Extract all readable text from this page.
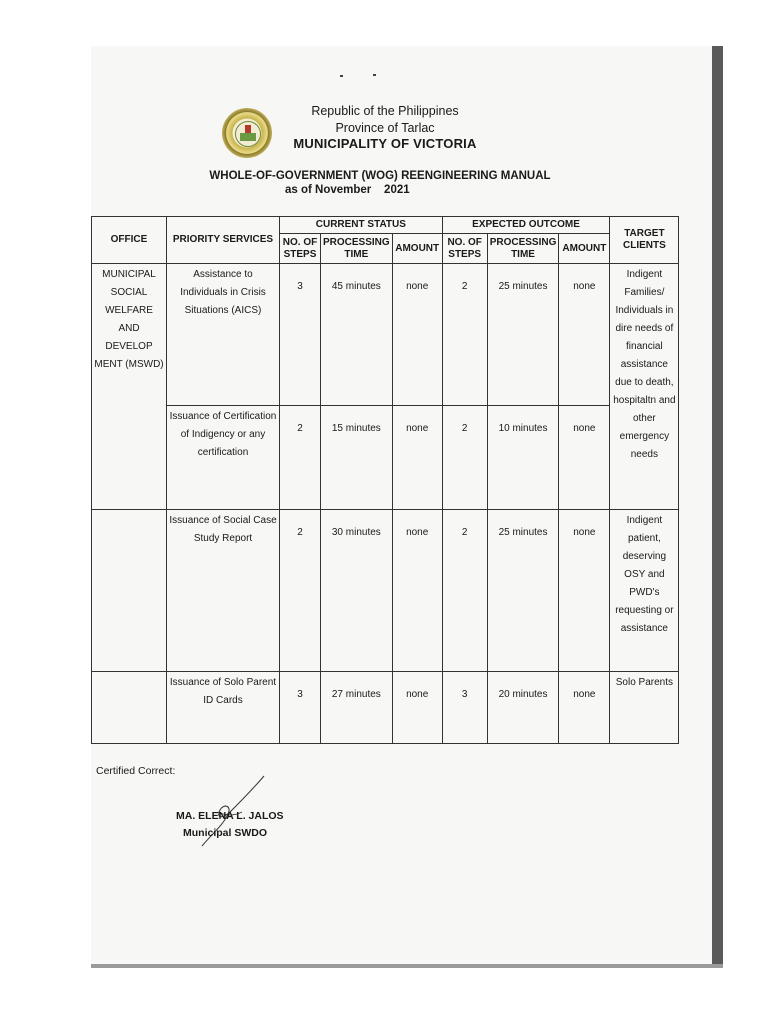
Republic of the Philippines
Province of Tarlac
MUNICIPALITY OF VICTORIA
WHOLE-OF-GOVERNMENT (WOG) REENGINEERING MANUAL
as of November    2021
OFFICE	PRIORITY SERVICES	CURRENT STATUS			EXPECTED OUTCOME			TARGET CLIENTS
		NO. OF STEPS	PROCESSING TIME	AMOUNT	NO. OF STEPS	PROCESSING TIME	AMOUNT	
MUNICIPAL SOCIAL WELFARE AND DEVELOP MENT (MSWD)	Assistance to Individuals in Crisis Situations (AICS)	3	45 minutes	none	2	25 minutes	none	Indigent Families/ Individuals in dire needs of financial assistance due to death, hospitaltn and other emergency needs
	Issuance of Certification of Indigency or any certification	2	15 minutes	none	2	10 minutes	none	
	Issuance of Social Case Study Report	2	30 minutes	none	2	25 minutes	none	Indigent patient, deserving OSY and PWD's requesting or assistance
	Issuance of Solo Parent ID Cards	3	27 minutes	none	3	20 minutes	none	Solo Parents
Certified Correct:
MA. ELENA L. JALOS
Municipal SWDO
